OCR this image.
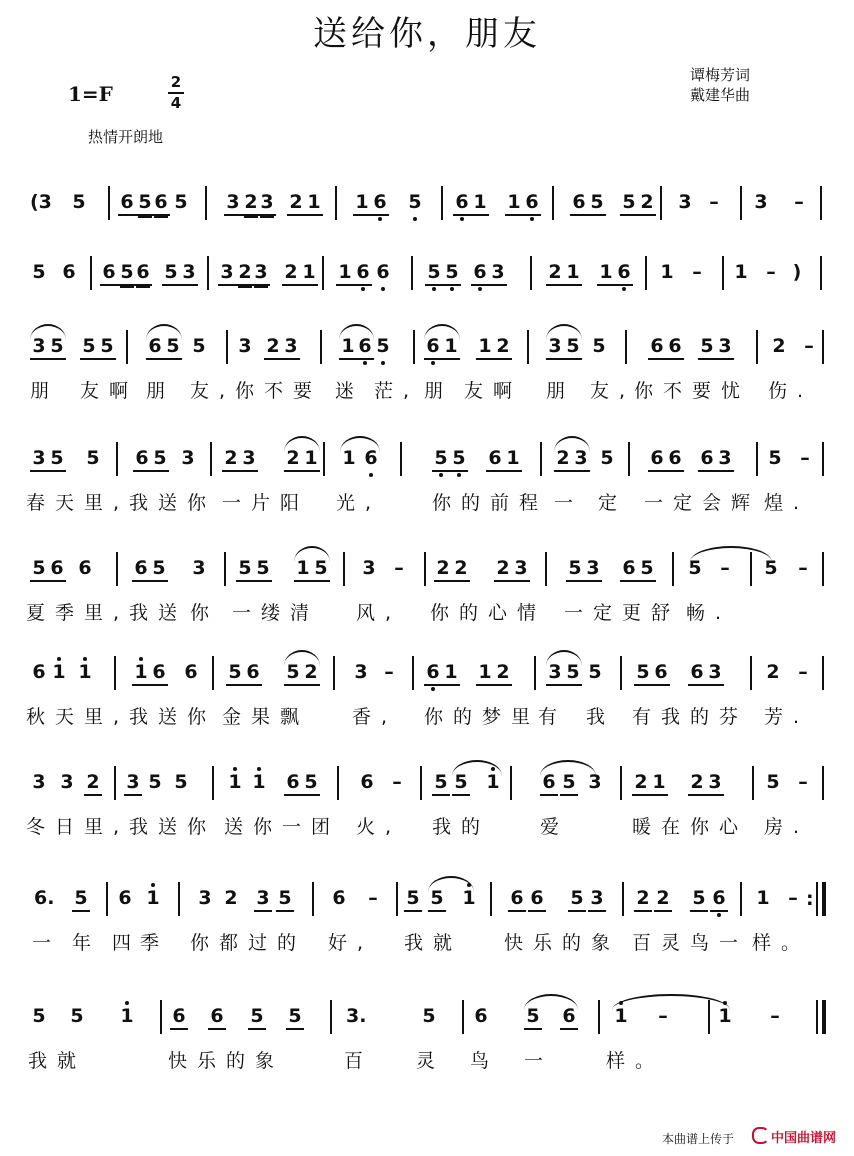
送给你，朋友
1=F	2
4
谭梅芳词
戴建华曲
热情开朗地
(3 5 6 5 6 5 3 2 3 2 1 1 6 5 6 1 1 6 6 5 5 2 3 – 3 –
5 6 6 5 6 5 3 3 2 3 2 1 1 6 6 5 5 6 3 2 1 1 6 1 – 1 – )
3 5 5 5 6 5 5 3 2 3 1 6 5 6 1 1 2 3 5 5 6 6 5 3 2 –
朋 友啊 朋 友,你不要 迷 茫, 朋 友啊 朋 友,
你不要忧 伤.
3 5 5 6 5 3 2 3 2 1 1 6	5 5 6 1 2 3 5 6 6 6 3 5 –
春天里,我送你 一片阳 光,	你的前程 一 定 一定会辉 煌.
5 6 6 6 5 3 5 5 1 5 3 – 2 2 2 3 5 3 6 5 5 – 5 –
夏季里,我送 你 一缕清 风, 你的心情 一定更舒 畅.
6 1 1 1 6 6 5 6 5 2 3 – 6 1 1 2 3 5 5 5 6 6 3 2 –
秋天里,我送你 金果飘 香, 你的梦里
有 我 有我的芬 芳.
3 3 2 3 5 5 1 1 6 5 6 – 5 5 1 6 5 3 2 1 2 3 5 –
冬日里,我送你 送你一团 火, 我的	爱	暖在你心 房.
6. 5 6 1 3 2 3 5 6 – 5 5 1 6 6 5 3 2 2 5 6 1 – :
一 年 四
季 你都过的 好, 我就 快乐的象 百灵鸟一 样。
5 5 1 6 6 5 5 3.	5 6 5 6 1 –	1 –
我就	快乐的象	百 灵 鸟 一	样。
本曲谱上传于	中国曲谱网
